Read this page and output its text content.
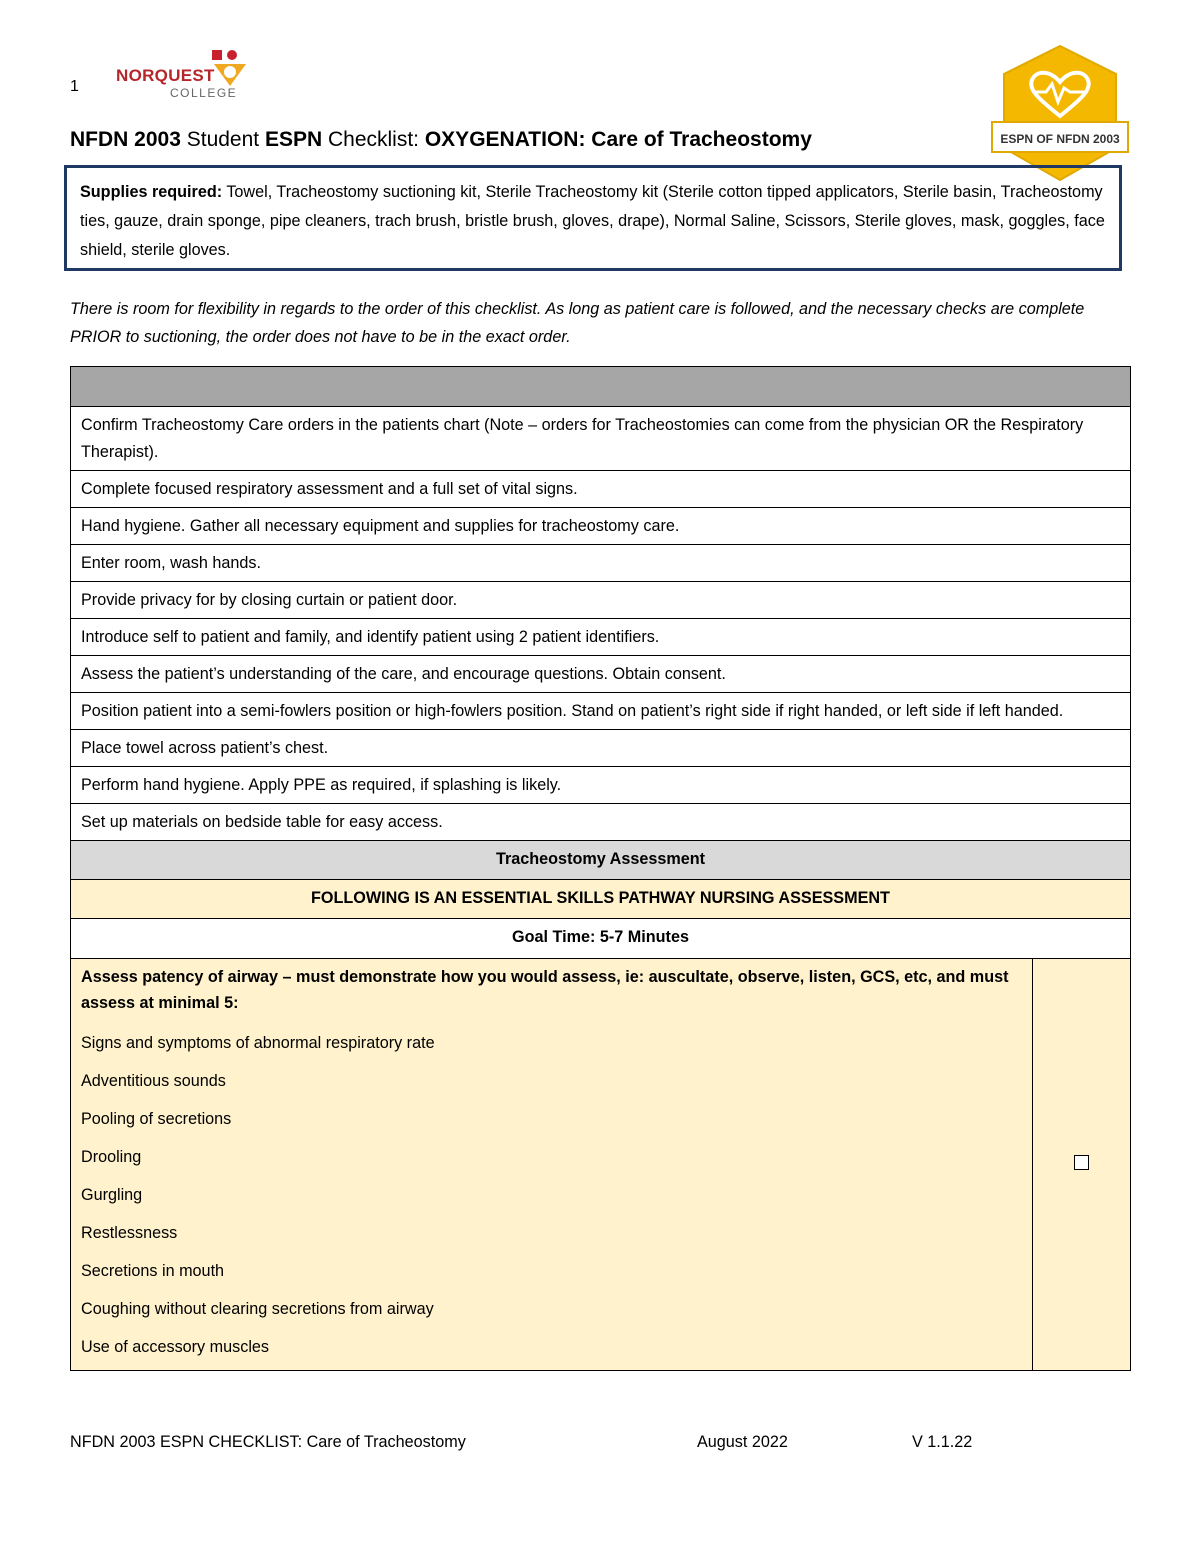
1
NORQUEST
COLLEGE
ESPN OF NFDN 2003
NFDN 2003 Student ESPN Checklist: OXYGENATION: Care of Tracheostomy
Supplies required: Towel, Tracheostomy suctioning kit, Sterile Tracheostomy kit (Sterile cotton tipped applicators, Sterile basin, Tracheostomy ties, gauze, drain sponge, pipe cleaners, trach brush, bristle brush, gloves, drape), Normal Saline, Scissors, Sterile gloves, mask, goggles, face shield, sterile gloves.
There is room for flexibility in regards to the order of this checklist. As long as patient care is followed, and the necessary checks are complete PRIOR to suctioning, the order does not have to be in the exact order.

Confirm Tracheostomy Care orders in the patients chart (Note – orders for Tracheostomies can come from the physician OR the Respiratory Therapist).
Complete focused respiratory assessment and a full set of vital signs.
Hand hygiene. Gather all necessary equipment and supplies for tracheostomy care.
Enter room, wash hands.
Provide privacy for by closing curtain or patient door.
Introduce self to patient and family, and identify patient using 2 patient identifiers.
Assess the patient’s understanding of the care, and encourage questions. Obtain consent.
Position patient into a semi-fowlers position or high-fowlers position. Stand on patient’s right side if right handed, or left side if left handed.
Place towel across patient’s chest.
Perform hand hygiene. Apply PPE as required, if splashing is likely.
Set up materials on bedside table for easy access.
Tracheostomy Assessment
FOLLOWING IS AN ESSENTIAL SKILLS PATHWAY NURSING ASSESSMENT
Goal Time: 5-7 Minutes

Assess patency of airway – must demonstrate how you would assess, ie: auscultate, observe, listen, GCS, etc, and must assess at minimal 5:
Signs and symptoms of abnormal respiratory rate
Adventitious sounds
Pooling of secretions
Drooling
Gurgling
Restlessness
Secretions in mouth
Coughing without clearing secretions from airway
Use of accessory muscles

NFDN 2003 ESPN CHECKLIST: Care of Tracheostomy	August 2022	V 1.1.22
